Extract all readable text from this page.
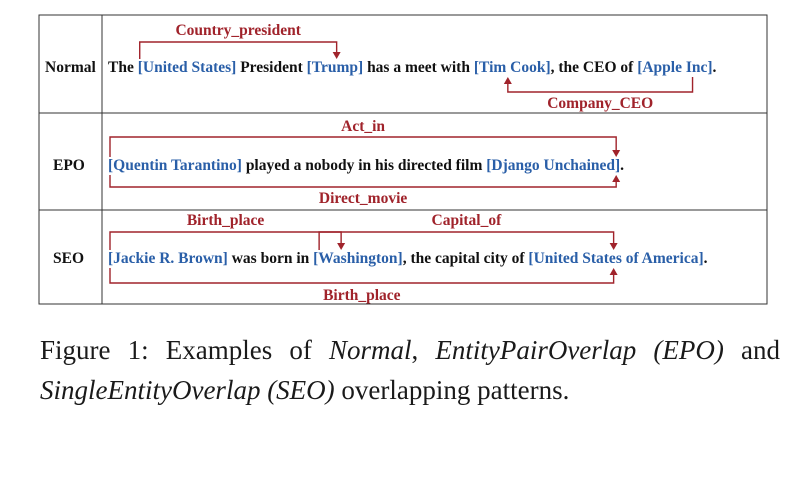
Normal The [United States] President [Trump] has a meet with [Tim Cook], the CEO of [Apple Inc].
Country_president
Company_CEO
EPO [Quentin Tarantino] played a nobody in his directed film [Django Unchained].
Act_in
Direct_movie
SEO [Jackie R. Brown] was born in [Washington], the capital city of [United States of America].
Birth_place	Capital_of
Birth_place

Figure 1: Examples of Normal, EntityPairOverlap (EPO) and SingleEntityOverlap (SEO) overlapping patterns.
